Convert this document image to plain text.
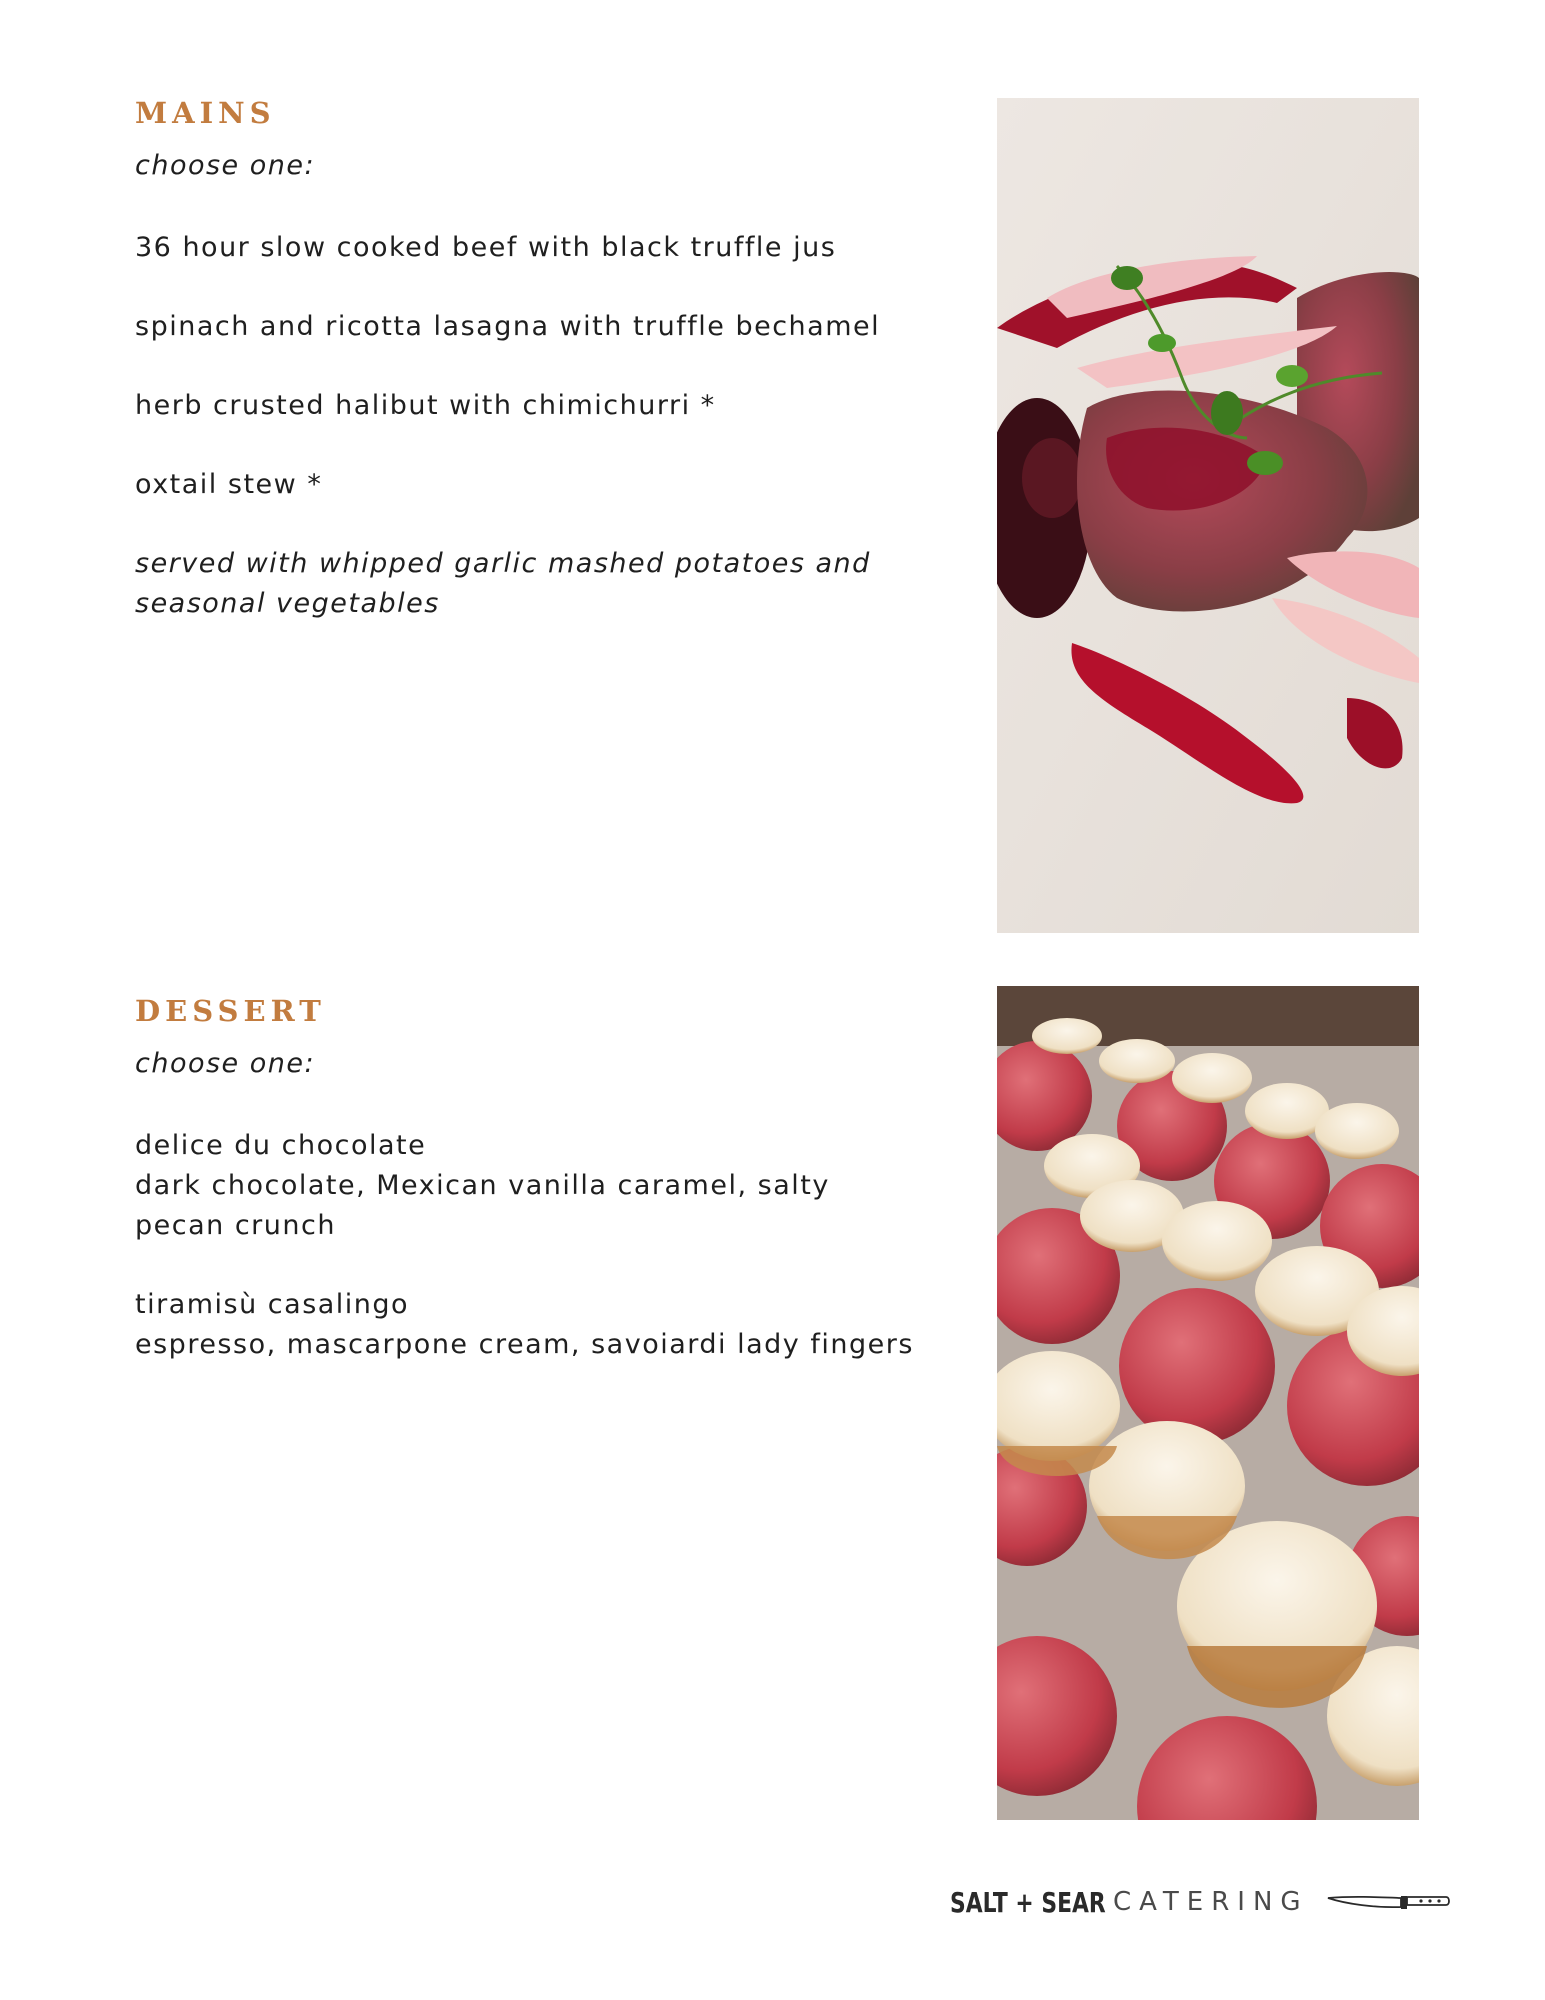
MAINS

choose one:

36 hour slow cooked beef with black truffle jus

spinach and ricotta lasagna with truffle bechamel

herb crusted halibut with chimichurri *

oxtail stew *

served with whipped garlic mashed potatoes and
seasonal vegetables

DESSERT

choose one:

delice du chocolate

dark chocolate, Mexican vanilla caramel, salty

pecan crunch

tiramisù casalingo

espresso, mascarpone cream, savoiardi lady fingers

SALT + SEAR CATERING
